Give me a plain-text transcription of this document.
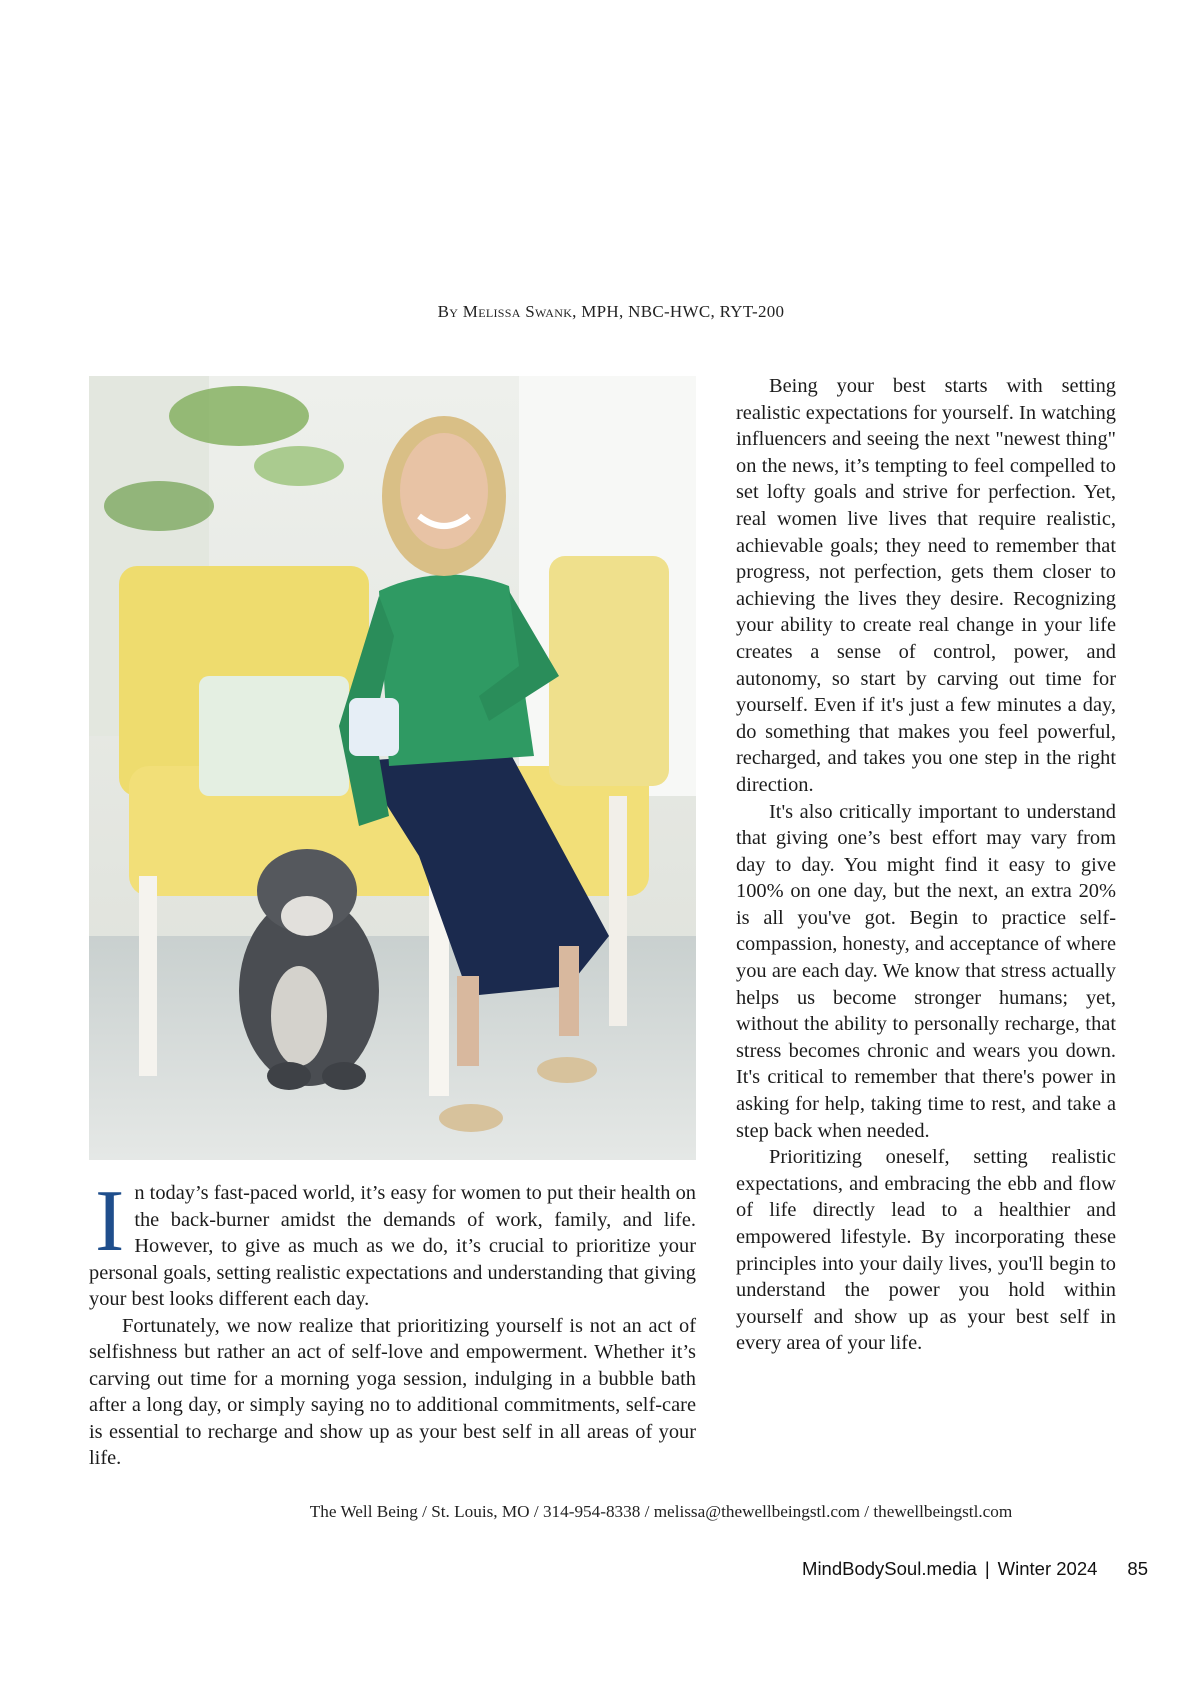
By Melissa Swank, MPH, NBC-HWC, RYT-200

In today’s fast-paced world, it’s easy for women to put their health on the back-burner amidst the demands of work, family, and life. However, to give as much as we do, it’s crucial to prioritize your personal goals, setting realistic expectations and understanding that giving your best looks different each day.

Fortunately, we now realize that prioritizing yourself is not an act of selfishness but rather an act of self-love and empowerment. Whether it’s carving out time for a morning yoga session, indulging in a bubble bath after a long day, or simply saying no to additional commitments, self-care is essential to recharge and show up as your best self in all areas of your life.

Being your best starts with setting realistic expectations for yourself. In watching influencers and seeing the next "newest thing" on the news, it’s tempting to feel compelled to set lofty goals and strive for perfection. Yet, real women live lives that require realistic, achievable goals; they need to remember that progress, not perfection, gets them closer to achieving the lives they desire. Recognizing your ability to create real change in your life creates a sense of control, power, and autonomy, so start by carving out time for yourself. Even if it's just a few minutes a day, do something that makes you feel powerful, recharged, and takes you one step in the right direction.

It's also critically important to understand that giving one’s best effort may vary from day to day. You might find it easy to give 100% on one day, but the next, an extra 20% is all you've got. Begin to practice self-compassion, honesty, and acceptance of where you are each day. We know that stress actually helps us become stronger humans; yet, without the ability to personally recharge, that stress becomes chronic and wears you down. It's critical to remember that there's power in asking for help, taking time to rest, and take a step back when needed.

Prioritizing oneself, setting realistic expectations, and embracing the ebb and flow of life directly lead to a healthier and empowered lifestyle. By incorporating these principles into your daily lives, you'll begin to understand the power you hold within yourself and show up as your best self in every area of your life.

The Well Being / St. Louis, MO / 314-954-8338 / melissa@thewellbeingstl.com / thewellbeingstl.com
MindBodySoul.media | Winter 2024 85
